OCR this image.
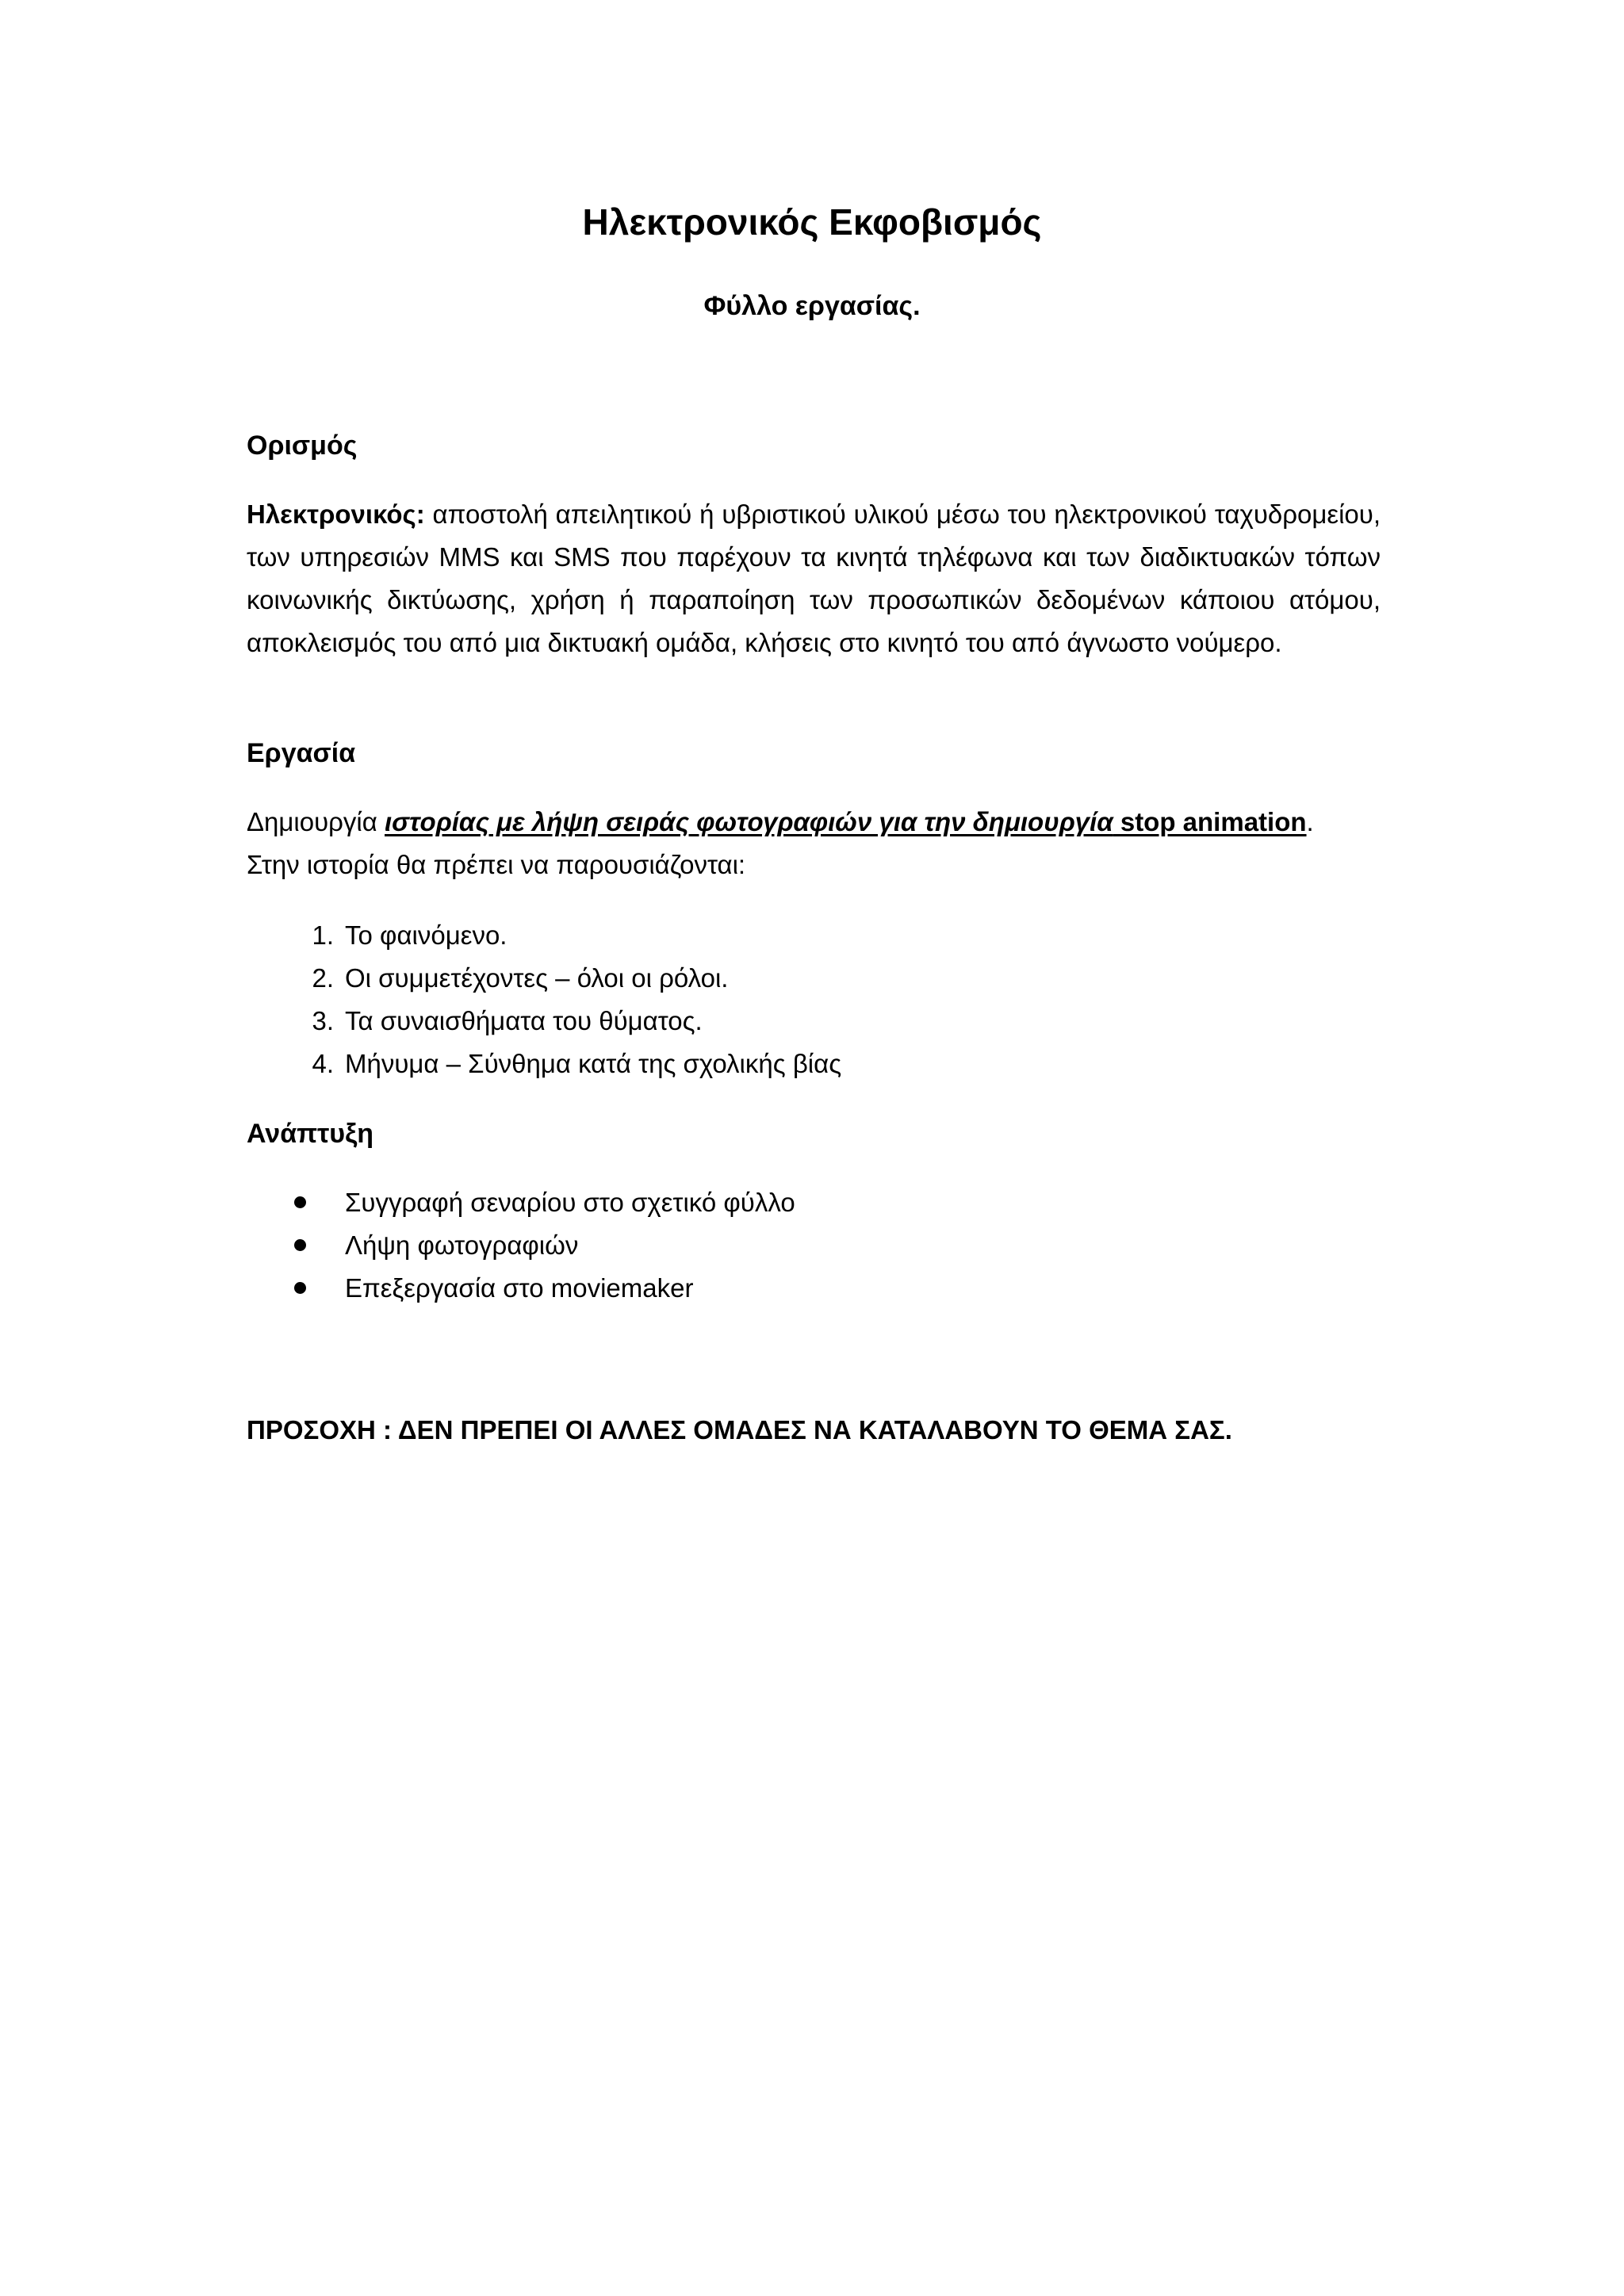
Ηλεκτρονικός Εκφοβισμός
Φύλλο εργασίας.
Ορισμός

Ηλεκτρονικός: αποστολή απειλητικού ή υβριστικού υλικού μέσω του ηλεκτρονικού ταχυδρομείου, των υπηρεσιών MMS και SMS που παρέχουν τα κινητά τηλέφωνα και των διαδικτυακών τόπων κοινωνικής δικτύωσης, χρήση ή παραποίηση των προσωπικών δεδομένων κάποιου ατόμου, αποκλεισμός του από μια δικτυακή ομάδα, κλήσεις στο κινητό του από άγνωστο νούμερο.

Εργασία

Δημιουργία ιστορίας με λήψη σειράς φωτογραφιών για την δημιουργία stop animation.
Στην ιστορία θα πρέπει να παρουσιάζονται:

1. Το φαινόμενο.
2. Οι συμμετέχοντες – όλοι οι ρόλοι.
3. Τα συναισθήματα του θύματος.
4. Μήνυμα – Σύνθημα κατά της σχολικής βίας
Ανάπτυξη
Συγγραφή σεναρίου στο σχετικό φύλλο
Λήψη φωτογραφιών
Επεξεργασία στο moviemaker

ΠΡΟΣΟΧΗ : ΔΕΝ ΠΡΕΠΕΙ ΟΙ ΑΛΛΕΣ ΟΜΑΔΕΣ ΝΑ ΚΑΤΑΛΑΒΟΥΝ ΤΟ ΘΕΜΑ ΣΑΣ.
